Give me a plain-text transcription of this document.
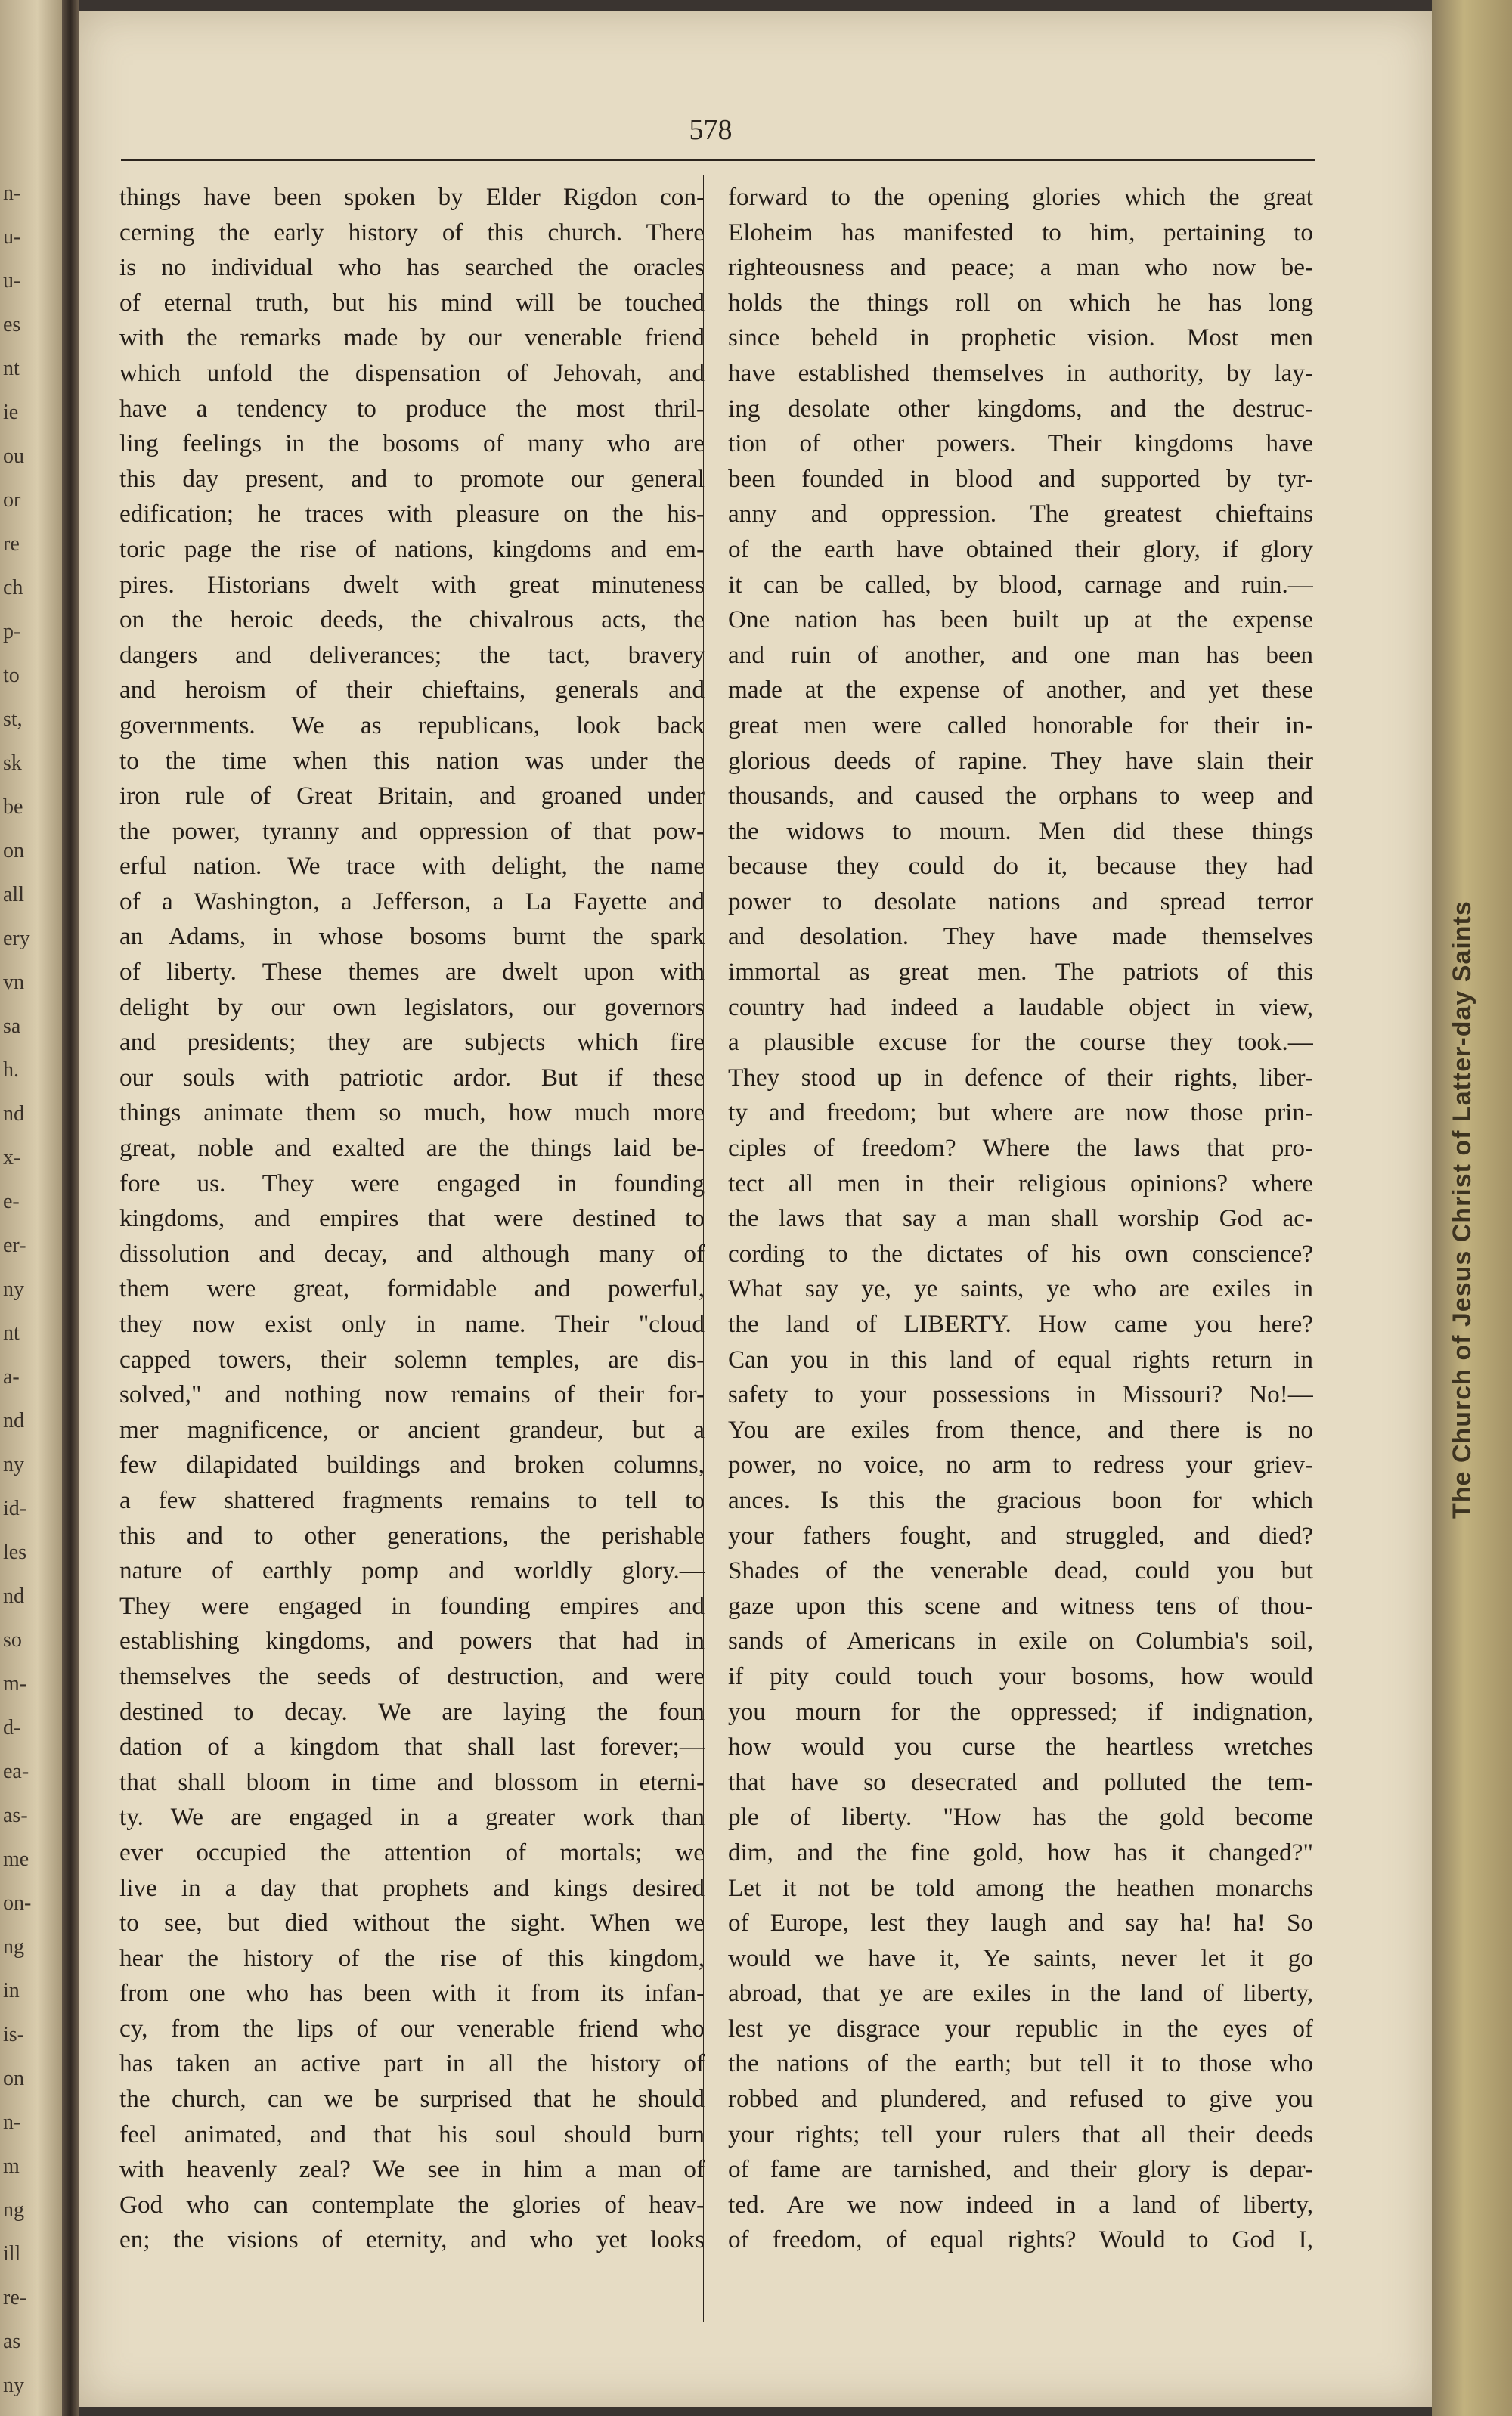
n-
u-
u-
es
nt
ie
ou
or
re
ch
p-
to
st,
sk
be
on
all
ery
vn
sa
h.
nd
x-
e-
er-
ny
nt
a-
nd
ny
id-
les
nd
so
m-
d-
ea-
as-
me
on-
ng
in
is-
on
n-
m
ng
ill
re-
as
ny
578
things have been spoken by Elder Rigdon con-
cerning the early history of this church. There
is no individual who has searched the oracles
of eternal truth, but his mind will be touched
with the remarks made by our venerable friend
which unfold the dispensation of Jehovah, and
have a tendency to produce the most thril-
ling feelings in the bosoms of many who are
this day present, and to promote our general
edification; he traces with pleasure on the his-
toric page the rise of nations, kingdoms and em-
pires. Historians dwelt with great minuteness
on the heroic deeds, the chivalrous acts, the
dangers and deliverances; the tact, bravery
and heroism of their chieftains, generals and
governments. We as republicans, look back
to the time when this nation was under the
iron rule of Great Britain, and groaned under
the power, tyranny and oppression of that pow-
erful nation. We trace with delight, the name
of a Washington, a Jefferson, a La Fayette and
an Adams, in whose bosoms burnt the spark
of liberty. These themes are dwelt upon with
delight by our own legislators, our governors
and presidents; they are subjects which fire
our souls with patriotic ardor. But if these
things animate them so much, how much more
great, noble and exalted are the things laid be-
fore us. They were engaged in founding
kingdoms, and empires that were destined to
dissolution and decay, and although many of
them were great, formidable and powerful,
they now exist only in name. Their "cloud
capped towers, their solemn temples, are dis-
solved," and nothing now remains of their for-
mer magnificence, or ancient grandeur, but a
few dilapidated buildings and broken columns,
a few shattered fragments remains to tell to
this and to other generations, the perishable
nature of earthly pomp and worldly glory.—
They were engaged in founding empires and
establishing kingdoms, and powers that had in
themselves the seeds of destruction, and were
destined to decay. We are laying the foun
dation of a kingdom that shall last forever;—
that shall bloom in time and blossom in eterni-
ty. We are engaged in a greater work than
ever occupied the attention of mortals; we
live in a day that prophets and kings desired
to see, but died without the sight. When we
hear the history of the rise of this kingdom,
from one who has been with it from its infan-
cy, from the lips of our venerable friend who
has taken an active part in all the history of
the church, can we be surprised that he should
feel animated, and that his soul should burn
with heavenly zeal? We see in him a man of
God who can contemplate the glories of heav-
en; the visions of eternity, and who yet looks
forward to the opening glories which the great
Eloheim has manifested to him, pertaining to
righteousness and peace; a man who now be-
holds the things roll on which he has long
since beheld in prophetic vision. Most men
have established themselves in authority, by lay-
ing desolate other kingdoms, and the destruc-
tion of other powers. Their kingdoms have
been founded in blood and supported by tyr-
anny and oppression. The greatest chieftains
of the earth have obtained their glory, if glory
it can be called, by blood, carnage and ruin.—
One nation has been built up at the expense
and ruin of another, and one man has been
made at the expense of another, and yet these
great men were called honorable for their in-
glorious deeds of rapine. They have slain their
thousands, and caused the orphans to weep and
the widows to mourn. Men did these things
because they could do it, because they had
power to desolate nations and spread terror
and desolation. They have made themselves
immortal as great men. The patriots of this
country had indeed a laudable object in view,
a plausible excuse for the course they took.—
They stood up in defence of their rights, liber-
ty and freedom; but where are now those prin-
ciples of freedom? Where the laws that pro-
tect all men in their religious opinions? where
the laws that say a man shall worship God ac-
cording to the dictates of his own conscience?
What say ye, ye saints, ye who are exiles in
the land of LIBERTY. How came you here?
Can you in this land of equal rights return in
safety to your possessions in Missouri? No!—
You are exiles from thence, and there is no
power, no voice, no arm to redress your griev-
ances. Is this the gracious boon for which
your fathers fought, and struggled, and died?
Shades of the venerable dead, could you but
gaze upon this scene and witness tens of thou-
sands of Americans in exile on Columbia's soil,
if pity could touch your bosoms, how would
you mourn for the oppressed; if indignation,
how would you curse the heartless wretches
that have so desecrated and polluted the tem-
ple of liberty. "How has the gold become
dim, and the fine gold, how has it changed?"
Let it not be told among the heathen monarchs
of Europe, lest they laugh and say ha! ha! So
would we have it, Ye saints, never let it go
abroad, that ye are exiles in the land of liberty,
lest ye disgrace your republic in the eyes of
the nations of the earth; but tell it to those who
robbed and plundered, and refused to give you
your rights; tell your rulers that all their deeds
of fame are tarnished, and their glory is depar-
ted. Are we now indeed in a land of liberty,
of freedom, of equal rights? Would to God I,
The Church of Jesus Christ of Latter-day Saints
